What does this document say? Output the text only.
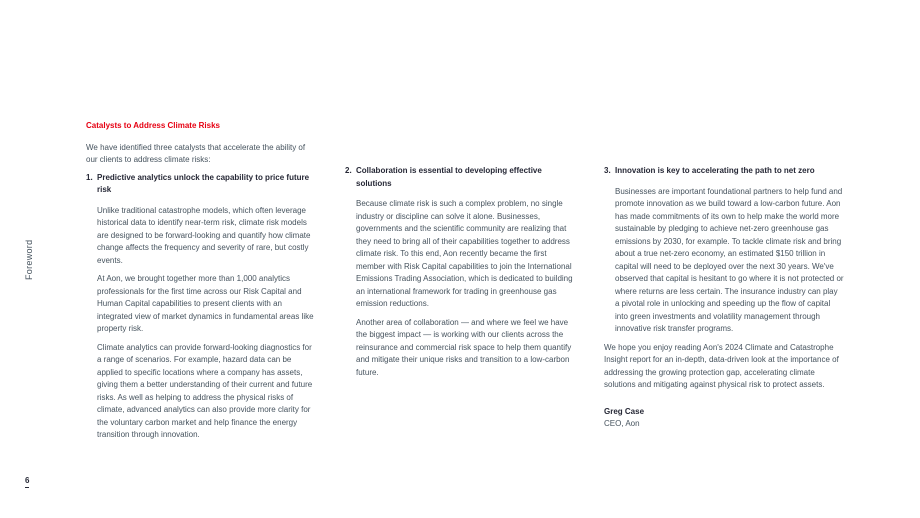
Foreword
6

Catalysts to Address Climate Risks

We have identified three catalysts that accelerate the ability of our clients to address climate risks:

1. Predictive analytics unlock the capability to price future risk

Unlike traditional catastrophe models, which often leverage historical data to identify near-term risk, climate risk models are designed to be forward-looking and quantify how climate change affects the frequency and severity of rare, but costly events.

At Aon, we brought together more than 1,000 analytics professionals for the first time across our Risk Capital and Human Capital capabilities to present clients with an integrated view of market dynamics in fundamental areas like property risk.

Climate analytics can provide forward-looking diagnostics for a range of scenarios. For example, hazard data can be applied to specific locations where a company has assets, giving them a better understanding of their current and future risks. As well as helping to address the physical risks of climate, advanced analytics can also provide more clarity for the voluntary carbon market and help finance the energy transition through innovation.

2. Collaboration is essential to developing effective solutions

Because climate risk is such a complex problem, no single industry or discipline can solve it alone. Businesses, governments and the scientific community are realizing that they need to bring all of their capabilities together to address climate risk. To this end, Aon recently became the first member with Risk Capital capabilities to join the International Emissions Trading Association, which is dedicated to building an international framework for trading in greenhouse gas emission reductions.

Another area of collaboration — and where we feel we have the biggest impact — is working with our clients across the reinsurance and commercial risk space to help them quantify and mitigate their unique risks and transition to a low-carbon future.

3. Innovation is key to accelerating the path to net zero

Businesses are important foundational partners to help fund and promote innovation as we build toward a low-carbon future. Aon has made commitments of its own to help make the world more sustainable by pledging to achieve net-zero greenhouse gas emissions by 2030, for example. To tackle climate risk and bring about a true net-zero economy, an estimated $150 trillion in capital will need to be deployed over the next 30 years. We've observed that capital is hesitant to go where it is not protected or where returns are less certain. The insurance industry can play a pivotal role in unlocking and speeding up the flow of capital into green investments and volatility management through innovative risk transfer programs.

We hope you enjoy reading Aon's 2024 Climate and Catastrophe Insight report for an in-depth, data-driven look at the importance of addressing the growing protection gap, accelerating climate solutions and mitigating against physical risk to protect assets.

Greg Case

CEO, Aon
